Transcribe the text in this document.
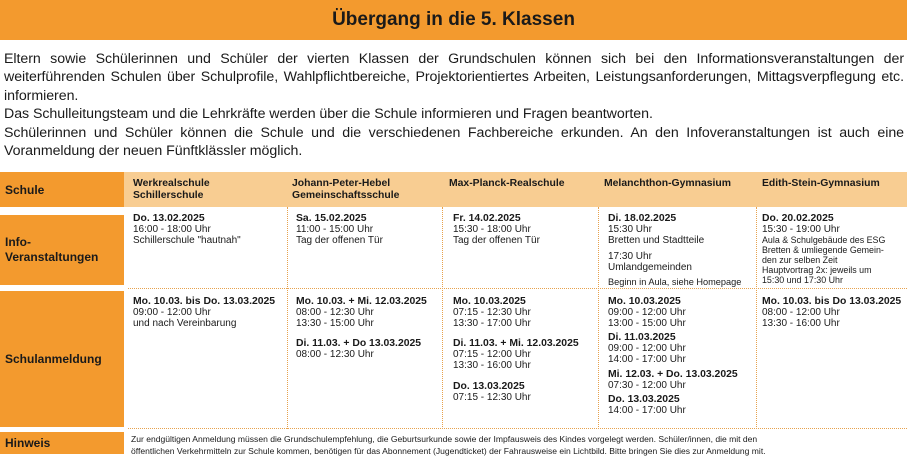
Übergang in die 5. Klassen

Eltern sowie Schülerinnen und Schüler der vierten Klassen der Grundschulen können sich bei den Informationsveranstaltungen der weiterführenden Schulen über Schulprofile, Wahlpflichtbereiche, Projektorientiertes Arbeiten, Leistungsanforderungen, Mittagsverpflegung etc. informieren.

Das Schulleitungsteam und die Lehrkräfte werden über die Schule informieren und Fragen beantworten.

Schülerinnen und Schüler können die Schule und die verschiedenen Fachbereiche erkunden. An den Infoveranstaltungen ist auch eine Voranmeldung der neuen Fünftklässler möglich.

Schule
Info-
Veranstaltungen
Schulanmeldung
Hinweis
Werkrealschule
Schillerschule
Johann-Peter-Hebel
Gemeinschaftsschule
Max-Planck-Realschule	Melanchthon-Gymnasium	Edith-Stein-Gymnasium
Do. 13.02.2025
16:00 - 18:00 Uhr
Schillerschule "hautnah"
Sa. 15.02.2025
11:00 - 15:00 Uhr
Tag der offenen Tür
Fr. 14.02.2025
15:30 - 18:00 Uhr
Tag der offenen Tür
Di. 18.02.2025
15:30 Uhr
Bretten und Stadtteile
17:30 Uhr
Umlandgemeinden
Beginn in Aula, siehe Homepage
Do. 20.02.2025
15:30 - 19:00 Uhr
Aula & Schulgebäude des ESG
Bretten & umliegende Gemein-
den zur selben Zeit
Hauptvortrag 2x: jeweils um
15:30 und 17:30 Uhr
Mo. 10.03. bis Do. 13.03.2025
09:00 - 12:00 Uhr
und nach Vereinbarung
Mo. 10.03. + Mi. 12.03.2025
08:00 - 12:30 Uhr
13:30 - 15:00 Uhr
Di. 11.03. + Do 13.03.2025
08:00 - 12:30 Uhr
Mo. 10.03.2025
07:15 - 12:30 Uhr
13:30 - 17:00 Uhr
Di. 11.03. + Mi. 12.03.2025
07:15 - 12:00 Uhr
13:30 - 16:00 Uhr
Do. 13.03.2025
07:15 - 12:30 Uhr
Mo. 10.03.2025
09:00 - 12:00 Uhr
13:00 - 15:00 Uhr
Di. 11.03.2025
09:00 - 12:00 Uhr
14:00 - 17:00 Uhr
Mi. 12.03. + Do. 13.03.2025
07:30 - 12:00 Uhr
Do. 13.03.2025
14:00 - 17:00 Uhr
Mo. 10.03. bis Do 13.03.2025
08:00 - 12:00 Uhr
13:30 - 16:00 Uhr
Zur endgültigen Anmeldung müssen die Grundschulempfehlung, die Geburtsurkunde sowie der Impfausweis des Kindes vorgelegt werden. Schüler/innen, die mit den
öffentlichen Verkehrmitteln zur Schule kommen, benötigen für das Abonnement (Jugendticket) der Fahrausweise ein Lichtbild. Bitte bringen Sie dies zur Anmeldung mit.
